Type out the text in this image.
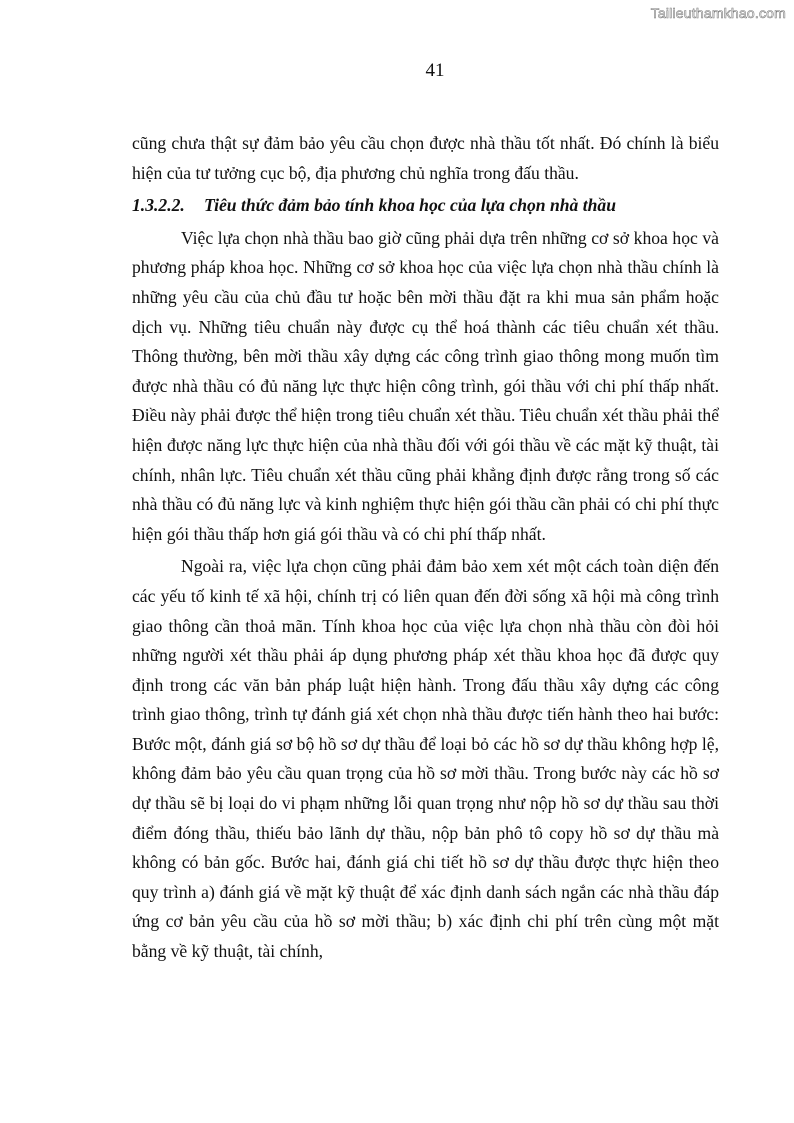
Tailieuthamkhao.com
41

cũng chưa thật sự đảm bảo yêu cầu chọn được nhà thầu tốt nhất. Đó chính là biểu hiện của tư tưởng cục bộ, địa phương chủ nghĩa trong đấu thầu.

1.3.2.2. Tiêu thức đảm bảo tính khoa học của lựa chọn nhà thầu

Việc lựa chọn nhà thầu bao giờ cũng phải dựa trên những cơ sở khoa học và phương pháp khoa học. Những cơ sở khoa học của việc lựa chọn nhà thầu chính là những yêu cầu của chủ đầu tư hoặc bên mời thầu đặt ra khi mua sản phẩm hoặc dịch vụ. Những tiêu chuẩn này được cụ thể hoá thành các tiêu chuẩn xét thầu. Thông thường, bên mời thầu xây dựng các công trình giao thông mong muốn tìm được nhà thầu có đủ năng lực thực hiện công trình, gói thầu với chi phí thấp nhất. Điều này phải được thể hiện trong tiêu chuẩn xét thầu. Tiêu chuẩn xét thầu phải thể hiện được năng lực thực hiện của nhà thầu đối với gói thầu về các mặt kỹ thuật, tài chính, nhân lực. Tiêu chuẩn xét thầu cũng phải khẳng định được rằng trong số các nhà thầu có đủ năng lực và kinh nghiệm thực hiện gói thầu cần phải có chi phí thực hiện gói thầu thấp hơn giá gói thầu và có chi phí thấp nhất.

Ngoài ra, việc lựa chọn cũng phải đảm bảo xem xét một cách toàn diện đến các yếu tố kinh tế xã hội, chính trị có liên quan đến đời sống xã hội mà công trình giao thông cần thoả mãn. Tính khoa học của việc lựa chọn nhà thầu còn đòi hỏi những người xét thầu phải áp dụng phương pháp xét thầu khoa học đã được quy định trong các văn bản pháp luật hiện hành. Trong đấu thầu xây dựng các công trình giao thông, trình tự đánh giá xét chọn nhà thầu được tiến hành theo hai bước: Bước một, đánh giá sơ bộ hồ sơ dự thầu để loại bỏ các hồ sơ dự thầu không hợp lệ, không đảm bảo yêu cầu quan trọng của hồ sơ mời thầu. Trong bước này các hồ sơ dự thầu sẽ bị loại do vi phạm những lỗi quan trọng như nộp hồ sơ dự thầu sau thời điểm đóng thầu, thiếu bảo lãnh dự thầu, nộp bản phô tô copy hồ sơ dự thầu mà không có bản gốc. Bước hai, đánh giá chi tiết hồ sơ dự thầu được thực hiện theo quy trình a) đánh giá về mặt kỹ thuật để xác định danh sách ngắn các nhà thầu đáp ứng cơ bản yêu cầu của hồ sơ mời thầu; b) xác định chi phí trên cùng một mặt bằng về kỹ thuật, tài chính,
